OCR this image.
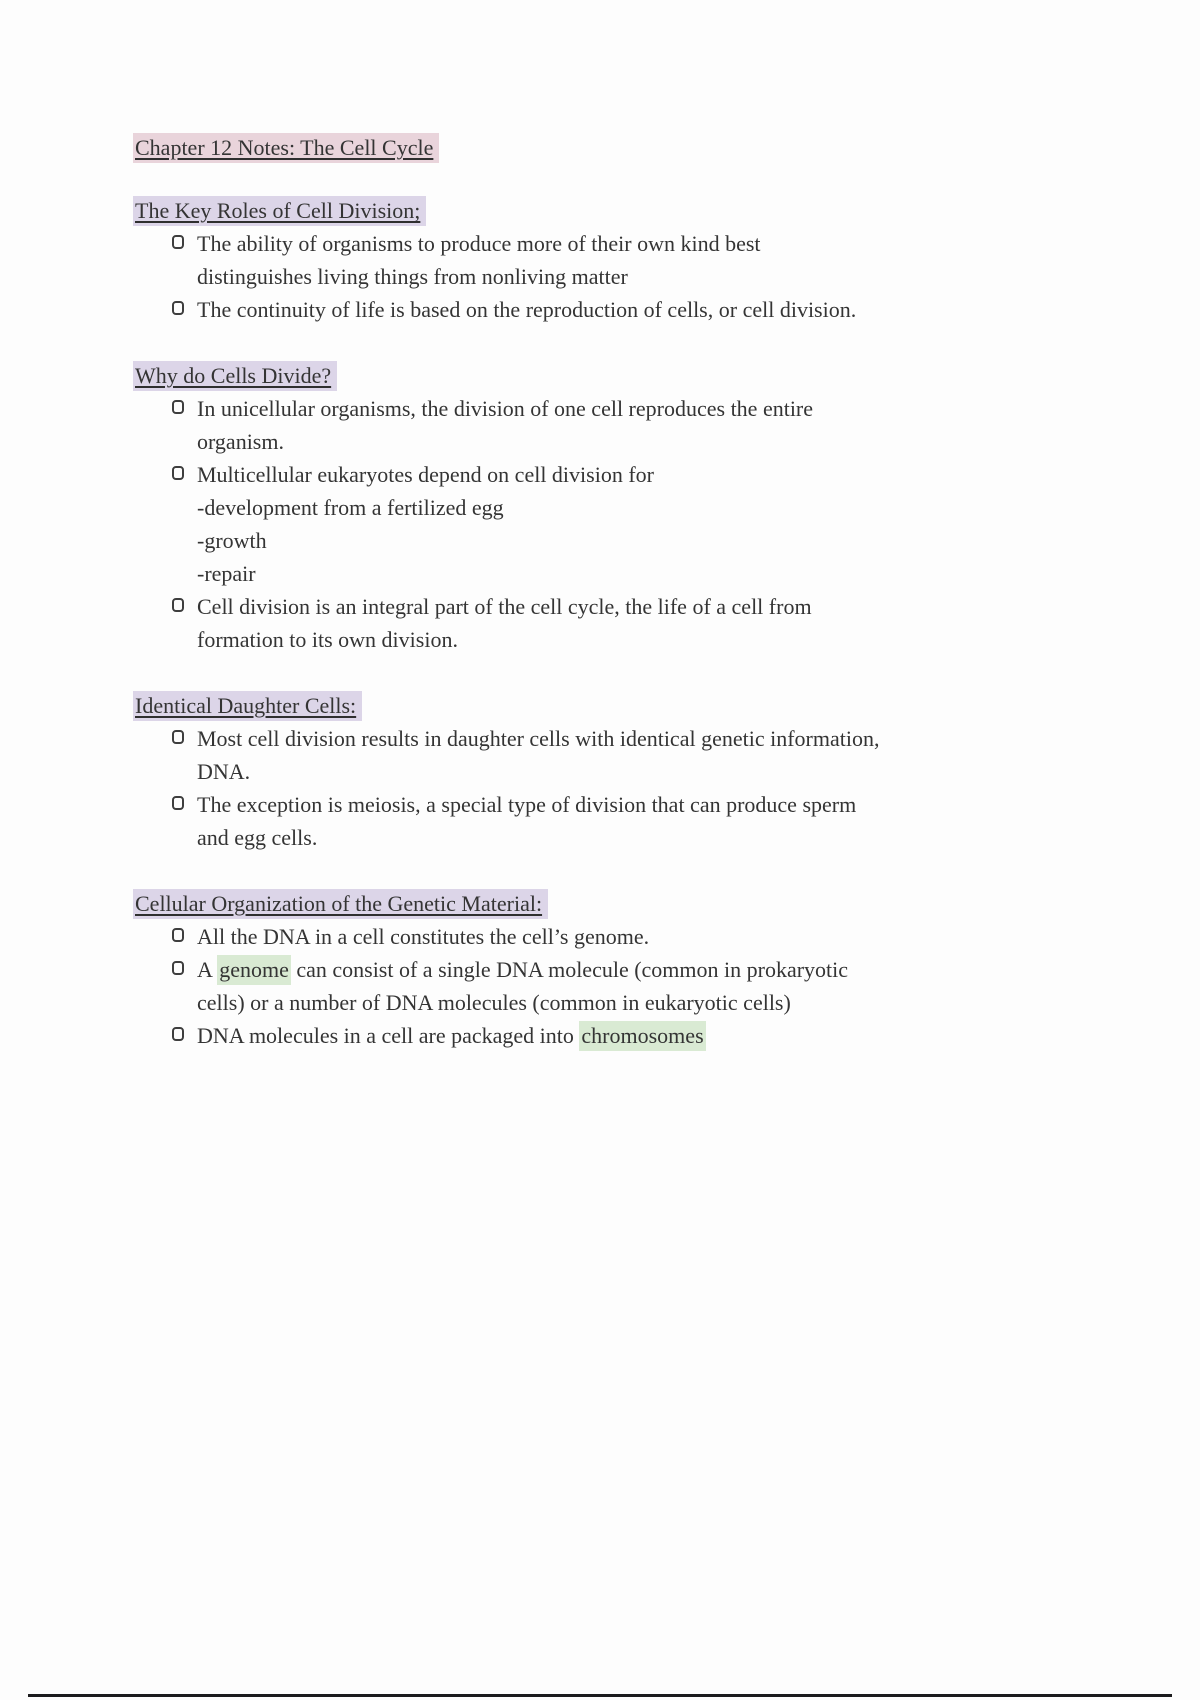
Chapter 12 Notes: The Cell Cycle
The Key Roles of Cell Division;
The ability of organisms to produce more of their own kind best
distinguishes living things from nonliving matter
The continuity of life is based on the reproduction of cells, or cell division.
Why do Cells Divide?
In unicellular organisms, the division of one cell reproduces the entire
organism.
Multicellular eukaryotes depend on cell division for
-development from a fertilized egg
-growth
-repair
Cell division is an integral part of the cell cycle, the life of a cell from
formation to its own division.
Identical Daughter Cells:
Most cell division results in daughter cells with identical genetic information,
DNA.
The exception is meiosis, a special type of division that can produce sperm
and egg cells.
Cellular Organization of the Genetic Material:
All the DNA in a cell constitutes the cell’s genome.
A genome can consist of a single DNA molecule (common in prokaryotic
cells) or a number of DNA molecules (common in eukaryotic cells)
DNA molecules in a cell are packaged into chromosomes
